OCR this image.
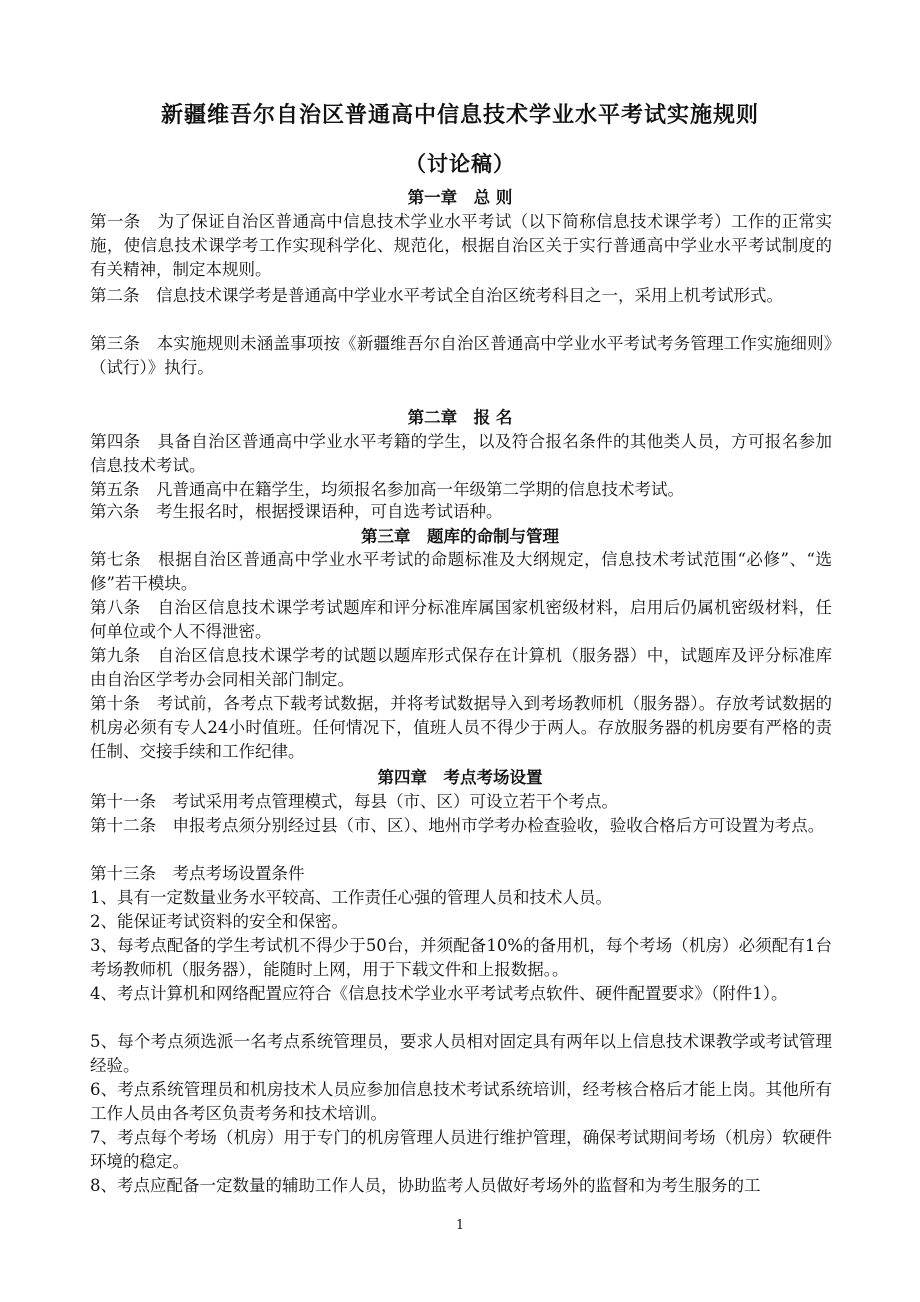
新疆维吾尔自治区普通高中信息技术学业水平考试实施规则
（讨论稿）
第一章　总 则

第一条　为了保证自治区普通高中信息技术学业水平考试（以下简称信息技术课学考）工作的正常实施，使信息技术课学考工作实现科学化、规范化，根据自治区关于实行普通高中学业水平考试制度的有关精神，制定本规则。

第二条　信息技术课学考是普通高中学业水平考试全自治区统考科目之一，采用上机考试形式。

第三条　本实施规则未涵盖事项按《新疆维吾尔自治区普通高中学业水平考试考务管理工作实施细则》（试行）》执行。

第二章　报 名

第四条　具备自治区普通高中学业水平考籍的学生，以及符合报名条件的其他类人员，方可报名参加信息技术考试。

第五条　凡普通高中在籍学生，均须报名参加高一年级第二学期的信息技术考试。

第六条　考生报名时，根据授课语种，可自选考试语种。

第三章　题库的命制与管理

第七条　根据自治区普通高中学业水平考试的命题标准及大纲规定，信息技术考试范围“必修”、“选修”若干模块。

第八条　自治区信息技术课学考试题库和评分标准库属国家机密级材料，启用后仍属机密级材料，任何单位或个人不得泄密。

第九条　自治区信息技术课学考的试题以题库形式保存在计算机（服务器）中，试题库及评分标准库由自治区学考办会同相关部门制定。

第十条　考试前，各考点下载考试数据，并将考试数据导入到考场教师机（服务器）。存放考试数据的机房必须有专人24小时值班。任何情况下，值班人员不得少于两人。存放服务器的机房要有严格的责任制、交接手续和工作纪律。

第四章　考点考场设置

第十一条　考试采用考点管理模式，每县（市、区）可设立若干个考点。

第十二条　申报考点须分别经过县（市、区）、地州市学考办检查验收，验收合格后方可设置为考点。

第十三条　考点考场设置条件

1、具有一定数量业务水平较高、工作责任心强的管理人员和技术人员。

2、能保证考试资料的安全和保密。

3、每考点配备的学生考试机不得少于50台，并须配备10%的备用机，每个考场（机房）必须配有1台考场教师机（服务器），能随时上网，用于下载文件和上报数据。。

4、考点计算机和网络配置应符合《信息技术学业水平考试考点软件、硬件配置要求》（附件1）。

5、每个考点须选派一名考点系统管理员，要求人员相对固定具有两年以上信息技术课教学或考试管理经验。

6、考点系统管理员和机房技术人员应参加信息技术考试系统培训，经考核合格后才能上岗。其他所有工作人员由各考区负责考务和技术培训。

7、考点每个考场（机房）用于专门的机房管理人员进行维护管理，确保考试期间考场（机房）软硬件环境的稳定。

8、考点应配备一定数量的辅助工作人员，协助监考人员做好考场外的监督和为考生服务的工

1
